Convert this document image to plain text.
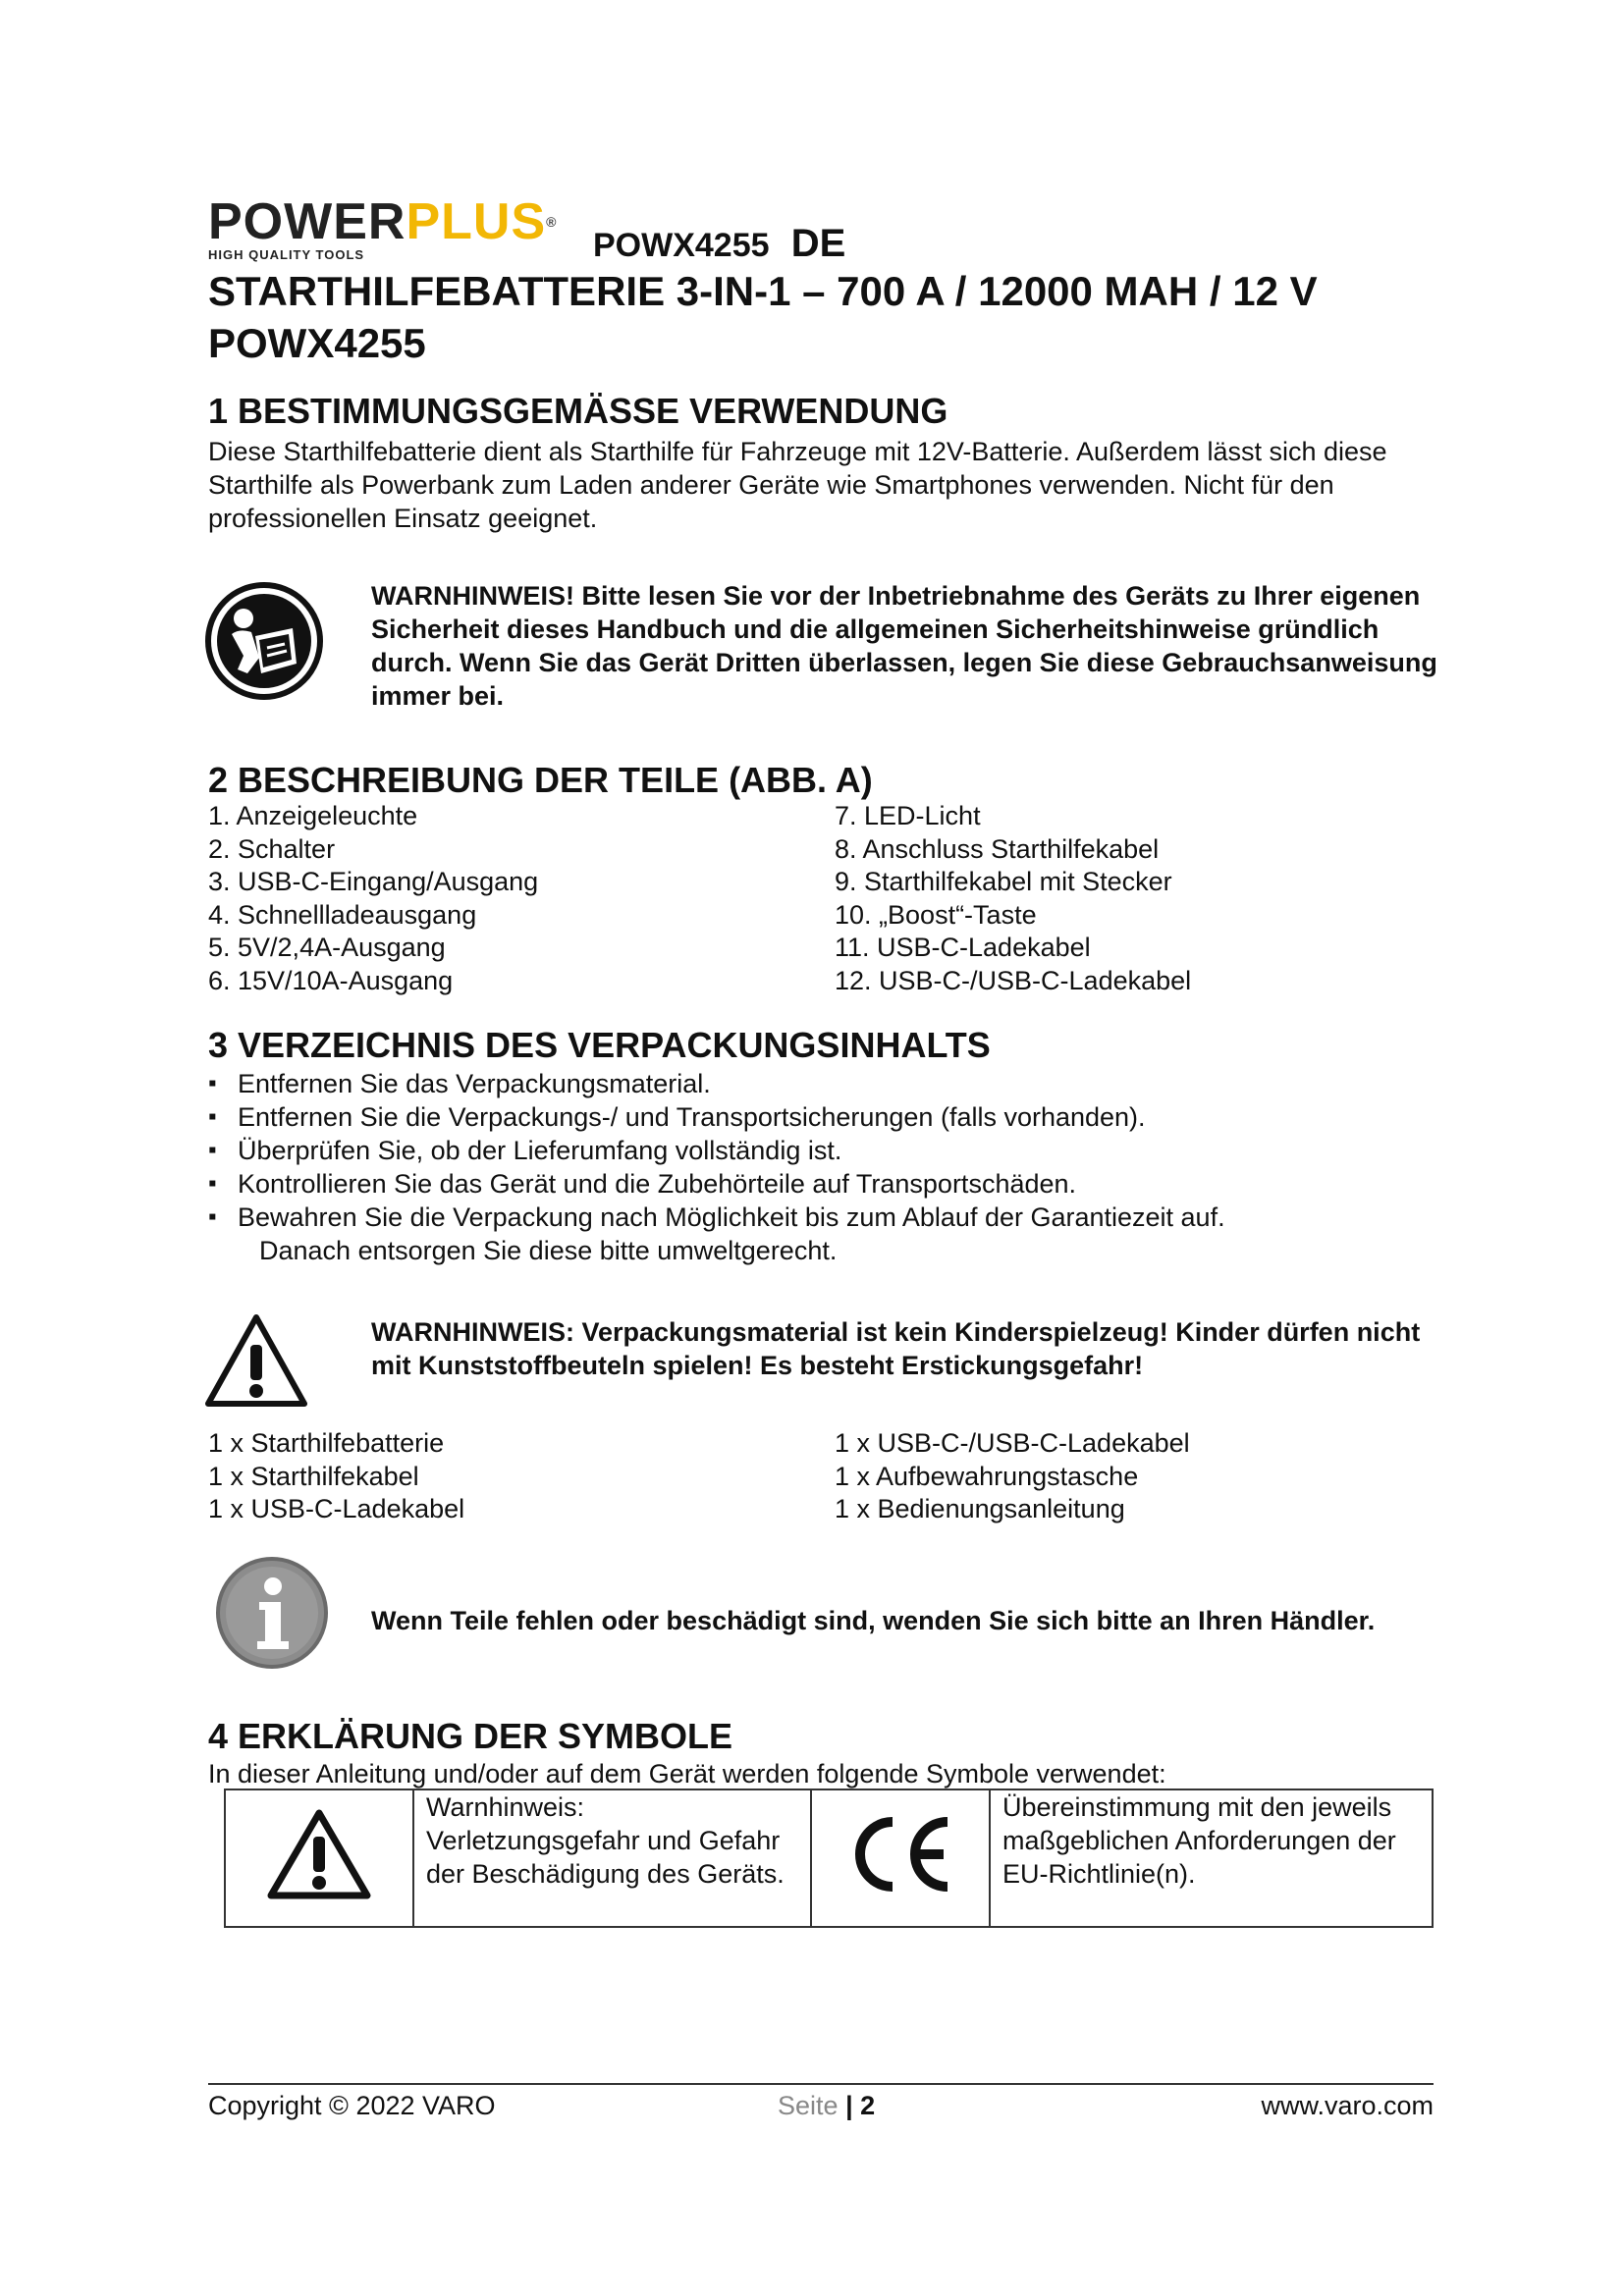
POWERPLUS®
HIGH QUALITY TOOLS	POWX4255 DE
STARTHILFEBATTERIE 3-IN-1 – 700 A / 12000 MAH / 12 V POWX4255
1 BESTIMMUNGSGEMÄSSE VERWENDUNG
Diese Starthilfebatterie dient als Starthilfe für Fahrzeuge mit 12V-Batterie. Außerdem lässt sich diese Starthilfe als Powerbank zum Laden anderer Geräte wie Smartphones verwenden. Nicht für den professionellen Einsatz geeignet.
WARNHINWEIS! Bitte lesen Sie vor der Inbetriebnahme des Geräts zu Ihrer eigenen Sicherheit dieses Handbuch und die allgemeinen Sicherheitshinweise gründlich durch. Wenn Sie das Gerät Dritten überlassen, legen Sie diese Gebrauchsanweisung immer bei.
2 BESCHREIBUNG DER TEILE (ABB. A)
1. Anzeigeleuchte
2. Schalter
3. USB-C-Eingang/Ausgang
4. Schnellladeausgang
5. 5V/2,4A-Ausgang
6. 15V/10A-Ausgang
7. LED-Licht
8. Anschluss Starthilfekabel
9. Starthilfekabel mit Stecker
10. „Boost“-Taste
11. USB-C-Ladekabel
12. USB-C-/USB-C-Ladekabel
3 VERZEICHNIS DES VERPACKUNGSINHALTS
▪ Entfernen Sie das Verpackungsmaterial.
▪ Entfernen Sie die Verpackungs-/ und Transportsicherungen (falls vorhanden).
▪ Überprüfen Sie, ob der Lieferumfang vollständig ist.
▪ Kontrollieren Sie das Gerät und die Zubehörteile auf Transportschäden.
▪ Bewahren Sie die Verpackung nach Möglichkeit bis zum Ablauf der Garantiezeit auf.
Danach entsorgen Sie diese bitte umweltgerecht.
WARNHINWEIS: Verpackungsmaterial ist kein Kinderspielzeug! Kinder dürfen nicht mit Kunststoffbeuteln spielen! Es besteht Erstickungsgefahr!
1 x Starthilfebatterie
1 x Starthilfekabel
1 x USB-C-Ladekabel
1 x USB-C-/USB-C-Ladekabel
1 x Aufbewahrungstasche
1 x Bedienungsanleitung
Wenn Teile fehlen oder beschädigt sind, wenden Sie sich bitte an Ihren Händler.
4 ERKLÄRUNG DER SYMBOLE
In dieser Anleitung und/oder auf dem Gerät werden folgende Symbole verwendet:
	Warnhinweis: Verletzungsgefahr und Gefahr der Beschädigung des Geräts.		Übereinstimmung mit den jeweils maßgeblichen Anforderungen der EU-Richtlinie(n).
Copyright © 2022 VARO	Seite | 2	www.varo.com
